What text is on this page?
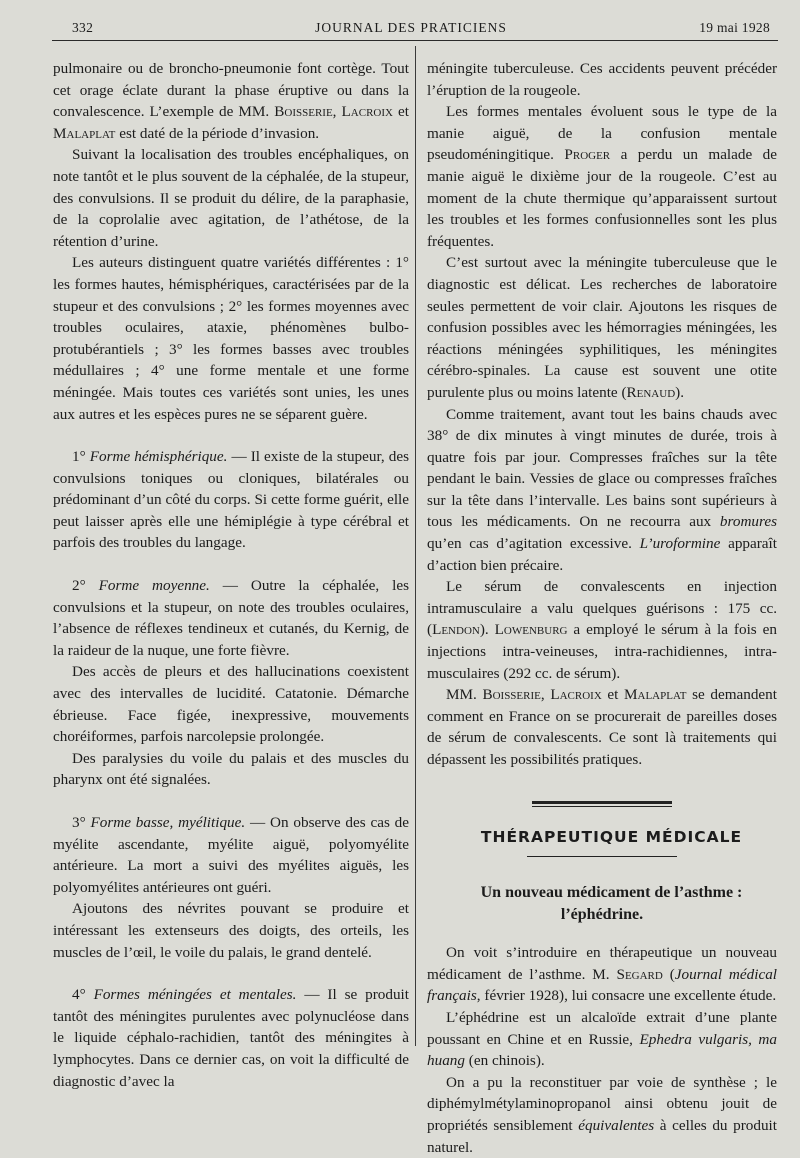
332	JOURNAL DES PRATICIENS	19 mai 1928

pulmonaire ou de broncho-pneumonie font cortège. Tout cet orage éclate durant la phase éruptive ou dans la convalescence. L’exemple de MM. Boisserie, Lacroix et Malaplat est daté de la période d’invasion.

Suivant la localisation des troubles encéphaliques, on note tantôt et le plus souvent de la céphalée, de la stupeur, des convulsions. Il se produit du délire, de la paraphasie, de la coprolalie avec agitation, de l’athétose, de la rétention d’urine.

Les auteurs distinguent quatre variétés différentes : 1° les formes hautes, hémisphériques, caractérisées par de la stupeur et des convulsions ; 2° les formes moyennes avec troubles oculaires, ataxie, phénomènes bulbo-protubérantiels ; 3° les formes basses avec troubles médullaires ; 4° une forme mentale et une forme méningée. Mais toutes ces variétés sont unies, les unes aux autres et les espèces pures ne se séparent guère.

1° Forme hémisphérique. — Il existe de la stupeur, des convulsions toniques ou cloniques, bilatérales ou prédominant d’un côté du corps. Si cette forme guérit, elle peut laisser après elle une hémiplégie à type cérébral et parfois des troubles du langage.

2° Forme moyenne. — Outre la céphalée, les convulsions et la stupeur, on note des troubles oculaires, l’absence de réflexes tendineux et cutanés, du Kernig, de la raideur de la nuque, une forte fièvre.

Des accès de pleurs et des hallucinations coexistent avec des intervalles de lucidité. Catatonie. Démarche ébrieuse. Face figée, inexpressive, mouvements choréiformes, parfois narcolepsie prolongée.

Des paralysies du voile du palais et des muscles du pharynx ont été signalées.

3° Forme basse, myélitique. — On observe des cas de myélite ascendante, myélite aiguë, polyomyélite antérieure. La mort a suivi des myélites aiguës, les polyomyélites antérieures ont guéri.

Ajoutons des névrites pouvant se produire et intéressant les extenseurs des doigts, des orteils, les muscles de l’œil, le voile du palais, le grand dentelé.

4° Formes méningées et mentales. — Il se produit tantôt des méningites purulentes avec polynucléose dans le liquide céphalo-rachidien, tantôt des méningites à lymphocytes. Dans ce dernier cas, on voit la difficulté de diagnostic d’avec la

méningite tuberculeuse. Ces accidents peuvent précéder l’éruption de la rougeole.

Les formes mentales évoluent sous le type de la manie aiguë, de la confusion mentale pseudoméningitique. Proger a perdu un malade de manie aiguë le dixième jour de la rougeole. C’est au moment de la chute thermique qu’apparaissent surtout les troubles et les formes confusionnelles sont les plus fréquentes.

C’est surtout avec la méningite tuberculeuse que le diagnostic est délicat. Les recherches de laboratoire seules permettent de voir clair. Ajoutons les risques de confusion possibles avec les hémorragies méningées, les réactions méningées syphilitiques, les méningites cérébro-spinales. La cause est souvent une otite purulente plus ou moins latente (Renaud).

Comme traitement, avant tout les bains chauds avec 38° de dix minutes à vingt minutes de durée, trois à quatre fois par jour. Compresses fraîches sur la tête pendant le bain. Vessies de glace ou compresses fraîches sur la tête dans l’intervalle. Les bains sont supérieurs à tous les médicaments. On ne recourra aux bromures qu’en cas d’agitation excessive. L’uroformine apparaît d’action bien précaire.

Le sérum de convalescents en injection intramusculaire a valu quelques guérisons : 175 cc. (Lendon). Lowenburg a employé le sérum à la fois en injections intra-veineuses, intra-rachidiennes, intra-musculaires (292 cc. de sérum).

MM. Boisserie, Lacroix et Malaplat se demandent comment en France on se procurerait de pareilles doses de sérum de convalescents. Ce sont là traitements qui dépassent les possibilités pratiques.

THÉRAPEUTIQUE MÉDICALE

Un nouveau médicament de l’asthme : l’éphédrine.

On voit s’introduire en thérapeutique un nouveau médicament de l’asthme. M. Segard (Journal médical français, février 1928), lui consacre une excellente étude.

L’éphédrine est un alcaloïde extrait d’une plante poussant en Chine et en Russie, Ephedra vulgaris, ma huang (en chinois).

On a pu la reconstituer par voie de synthèse ; le diphémylmétylaminopropanol ainsi obtenu jouit de propriétés sensiblement équivalentes à celles du produit naturel.
